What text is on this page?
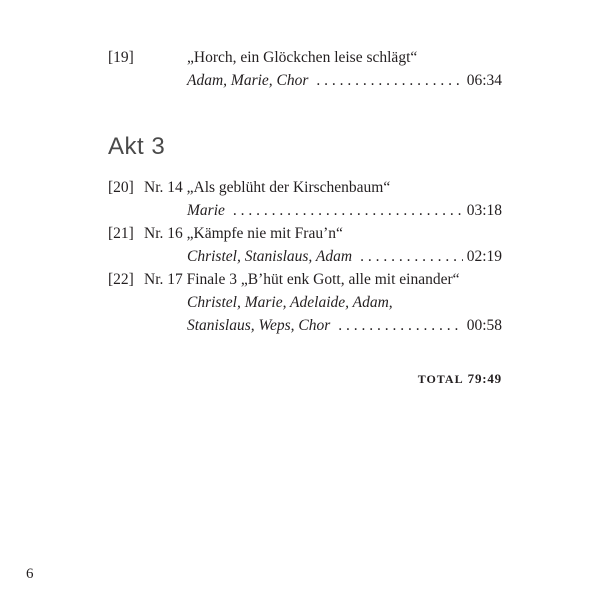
[19]	„Horch, ein Glöckchen leise schlägt“
Adam, Marie, Chor . . .	06:34
Akt 3
[20] Nr. 14 „Als geblüht der Kirschenbaum“
Marie . . .	03:18
[21] Nr. 16 „Kämpfe nie mit Frau’n“
Christel, Stanislaus, Adam . . .	02:19
[22] Nr. 17 Finale 3 „B’hüt enk Gott, alle mit einander“
Christel, Marie, Adelaide, Adam,
Stanislaus, Weps, Chor . . .	00:58
TOTAL 79:49
6
